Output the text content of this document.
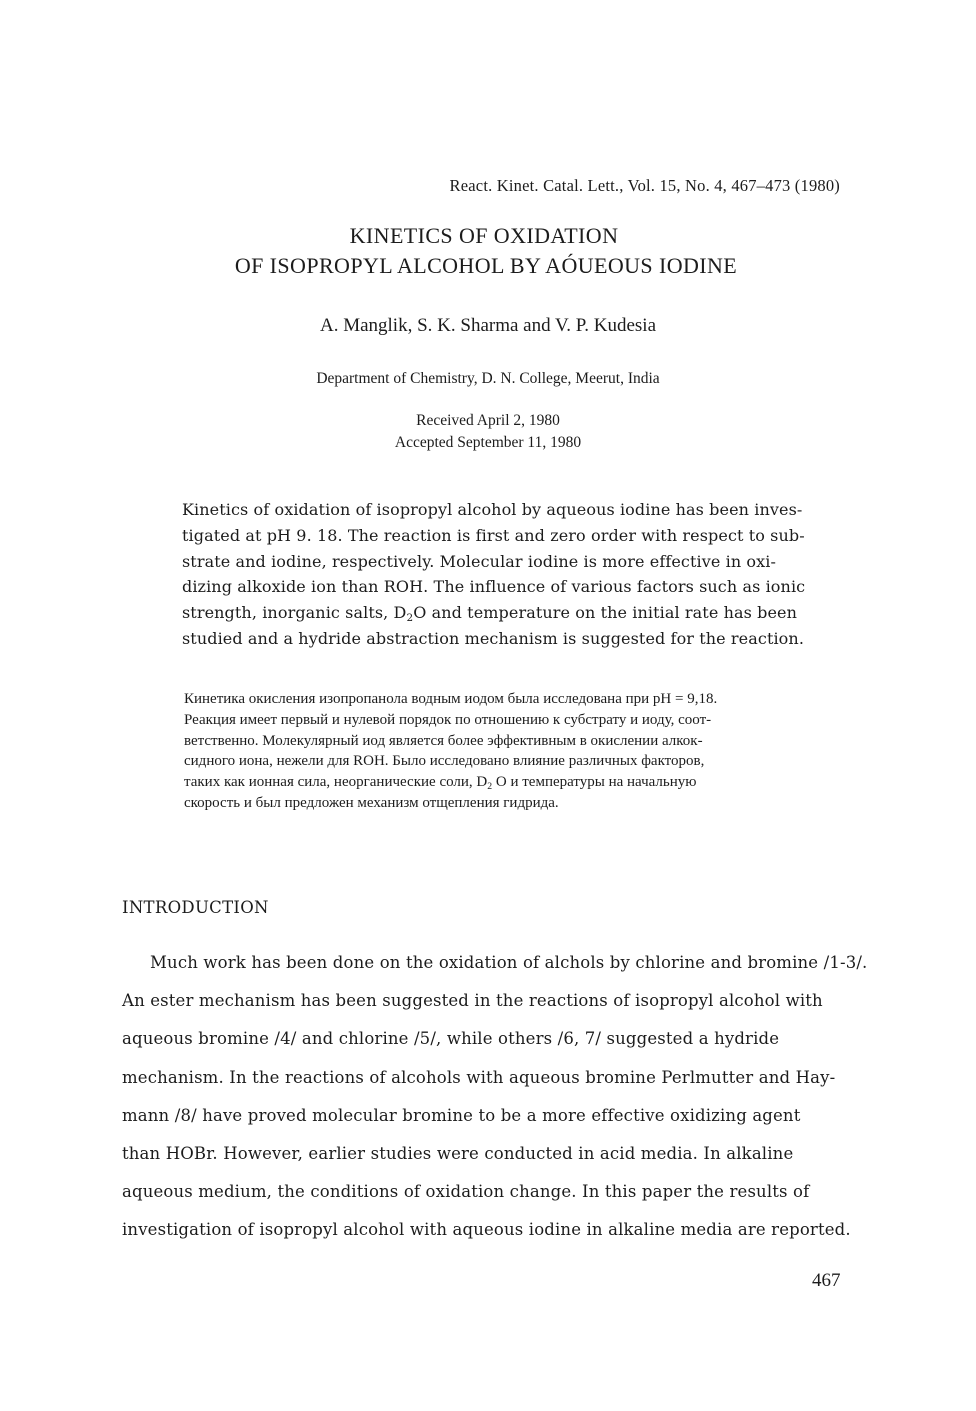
React. Kinet. Catal. Lett., Vol. 15, No. 4, 467–473 (1980)
KINETICS OF OXIDATION
OF ISOPROPYL ALCOHOL BY AÓUEOUS IODINE
A. Manglik, S. K. Sharma and V. P. Kudesia
Department of Chemistry, D. N. College, Meerut, India
Received April 2, 1980
Accepted September 11, 1980
Kinetics of oxidation of isopropyl alcohol by aqueous iodine has been inves-
tigated at pH 9. 18. The reaction is first and zero order with respect to sub-
strate and iodine, respectively. Molecular iodine is more effective in oxi-
dizing alkoxide ion than ROH. The influence of various factors such as ionic
strength, inorganic salts, $D_2O$ and temperature on the initial rate has been
studied and a hydride abstraction mechanism is suggested for the reaction.
Кинетика окисления изопропанола водным иодом была исследована при pH = 9,18.
Реакция имеет первый и нулевой порядок по отношению к субстрату и иоду, соот-
ветственно. Молекулярный иод является более эффективным в окислении алкок-
сидного иона, нежели для ROH. Было исследовано влияние различных факторов,
таких как ионная сила, неорганические соли, $D_2$ O и температуры на начальную
скорость и был предложен механизм отщепления гидрида.
INTRODUCTION
Much work has been done on the oxidation of alchols by chlorine and bromine /1-3/.
An ester mechanism has been suggested in the reactions of isopropyl alcohol with
aqueous bromine /4/ and chlorine /5/, while others /6, 7/ suggested a hydride
mechanism. In the reactions of alcohols with aqueous bromine Perlmutter and Hay-
mann /8/ have proved molecular bromine to be a more effective oxidizing agent
than HOBr. However, earlier studies were conducted in acid media. In alkaline
aqueous medium, the conditions of oxidation change. In this paper the results of
investigation of isopropyl alcohol with aqueous iodine in alkaline media are reported.
467
